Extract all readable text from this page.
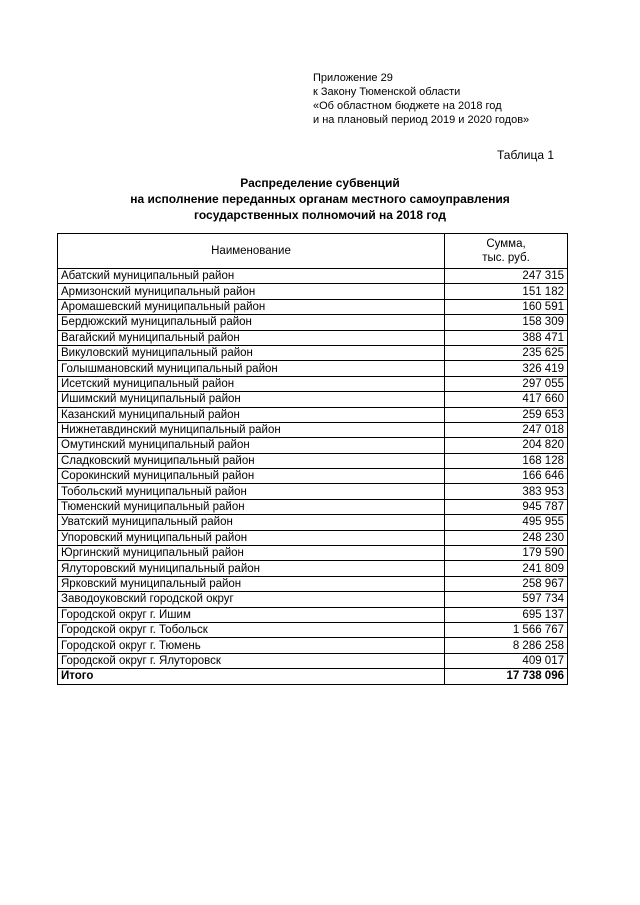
Приложение 29
к Закону Тюменской области
«Об областном бюджете на 2018 год
и на плановый период 2019 и 2020 годов»
Таблица 1
Распределение субвенций
на исполнение переданных органам местного самоуправления
государственных полномочий на 2018 год
Наименование	Сумма,
тыс. руб.

Абатский муниципальный район	247 315
Армизонский муниципальный район	151 182
Аромашевский муниципальный район	160 591
Бердюжский муниципальный район	158 309
Вагайский муниципальный район	388 471
Викуловский муниципальный район	235 625
Голышмановский муниципальный район	326 419
Исетский муниципальный район	297 055
Ишимский муниципальный район	417 660
Казанский муниципальный район	259 653
Нижнетавдинский муниципальный район	247 018
Омутинский муниципальный район	204 820
Сладковский муниципальный район	168 128
Сорокинский муниципальный район	166 646
Тобольский муниципальный район	383 953
Тюменский муниципальный район	945 787
Уватский муниципальный район	495 955
Упоровский муниципальный район	248 230
Юргинский муниципальный район	179 590
Ялуторовский муниципальный район	241 809
Ярковский муниципальный район	258 967
Заводоуковский городской округ	597 734
Городской округ г. Ишим	695 137
Городской округ г. Тобольск	1 566 767
Городской округ г. Тюмень	8 286 258
Городской округ г. Ялуторовск	409 017
Итого	17 738 096
